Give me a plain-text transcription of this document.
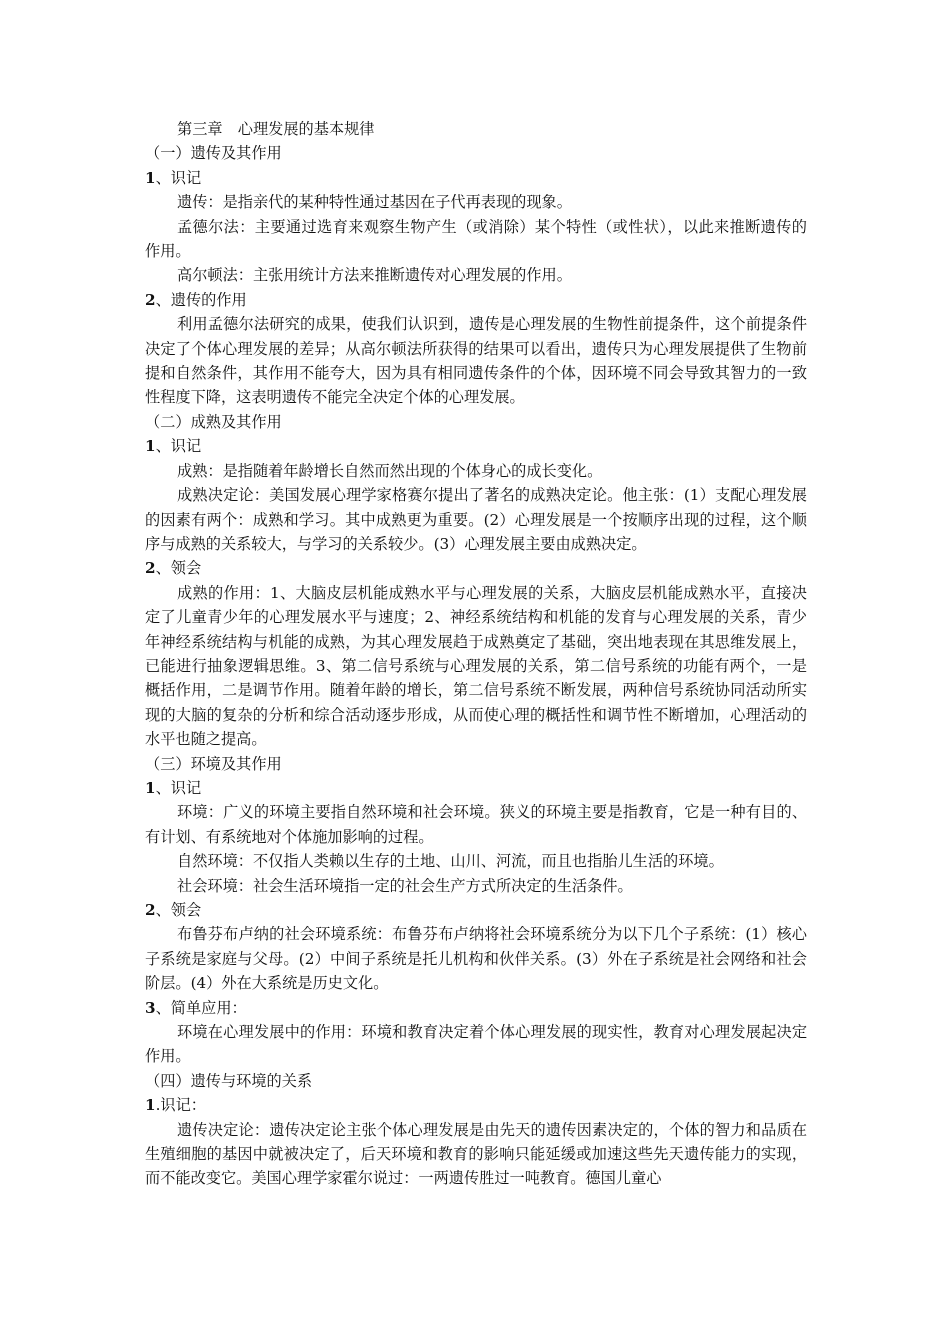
第三章　心理发展的基本规律

（一）遗传及其作用

1、识记

遗传：是指亲代的某种特性通过基因在子代再表现的现象。

孟德尔法：主要通过选育来观察生物产生（或消除）某个特性（或性状），以此来推断遗传的作用。

高尔顿法：主张用统计方法来推断遗传对心理发展的作用。

2、遗传的作用

利用孟德尔法研究的成果，使我们认识到，遗传是心理发展的生物性前提条件，这个前提条件决定了个体心理发展的差异；从高尔顿法所获得的结果可以看出，遗传只为心理发展提供了生物前提和自然条件，其作用不能夸大，因为具有相同遗传条件的个体，因环境不同会导致其智力的一致性程度下降，这表明遗传不能完全决定个体的心理发展。

（二）成熟及其作用

1、识记

成熟：是指随着年龄增长自然而然出现的个体身心的成长变化。

成熟决定论：美国发展心理学家格赛尔提出了著名的成熟决定论。他主张：(1）支配心理发展的因素有两个：成熟和学习。其中成熟更为重要。(2）心理发展是一个按顺序出现的过程，这个顺序与成熟的关系较大，与学习的关系较少。(3）心理发展主要由成熟决定。

2、领会

成熟的作用：1、大脑皮层机能成熟水平与心理发展的关系，大脑皮层机能成熟水平，直接决定了儿童青少年的心理发展水平与速度；2、神经系统结构和机能的发育与心理发展的关系，青少年神经系统结构与机能的成熟，为其心理发展趋于成熟奠定了基础，突出地表现在其思维发展上，已能进行抽象逻辑思维。3、第二信号系统与心理发展的关系，第二信号系统的功能有两个，一是概括作用，二是调节作用。随着年龄的增长，第二信号系统不断发展，两种信号系统协同活动所实现的大脑的复杂的分析和综合活动逐步形成，从而使心理的概括性和调节性不断增加，心理活动的水平也随之提高。

（三）环境及其作用

1、识记

环境：广义的环境主要指自然环境和社会环境。狭义的环境主要是指教育，它是一种有目的、有计划、有系统地对个体施加影响的过程。

自然环境：不仅指人类赖以生存的土地、山川、河流，而且也指胎儿生活的环境。

社会环境：社会生活环境指一定的社会生产方式所决定的生活条件。

2、领会

布鲁芬布卢纳的社会环境系统：布鲁芬布卢纳将社会环境系统分为以下几个子系统：(1）核心子系统是家庭与父母。(2）中间子系统是托儿机构和伙伴关系。(3）外在子系统是社会网络和社会阶层。(4）外在大系统是历史文化。

3、简单应用：

环境在心理发展中的作用：环境和教育决定着个体心理发展的现实性，教育对心理发展起决定作用。

（四）遗传与环境的关系

1.识记：

遗传决定论：遗传决定论主张个体心理发展是由先天的遗传因素决定的，个体的智力和品质在生殖细胞的基因中就被决定了，后天环境和教育的影响只能延缓或加速这些先天遗传能力的实现，而不能改变它。美国心理学家霍尔说过：一两遗传胜过一吨教育。德国儿童心
